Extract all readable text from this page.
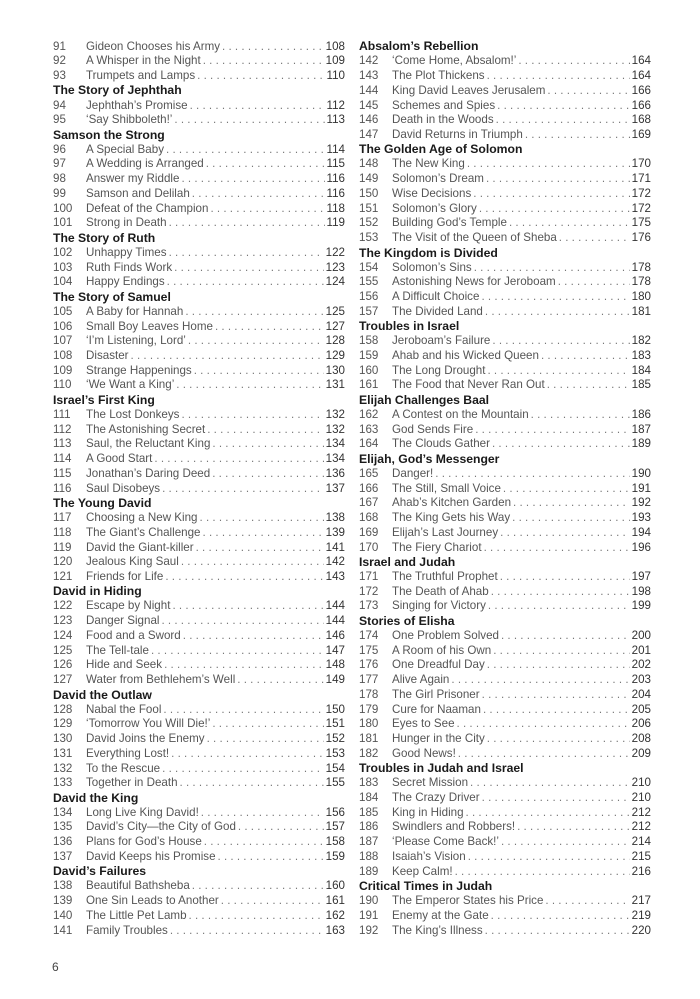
91	Gideon Chooses his Army . . .	108
92	A Whisper in the Night . . .	109
93	Trumpets and Lamps . . .	110
The Story of Jephthah
94	Jephthah’s Promise . . .	112
95	‘Say Shibboleth!’ . . .	113
Samson the Strong
96	A Special Baby . . .	114
97	A Wedding is Arranged . . .	115
98	Answer my Riddle . . .	116
99	Samson and Delilah . . .	116
100	Defeat of the Champion . . .	118
101	Strong in Death . . .	119
The Story of Ruth
102	Unhappy Times . . .	122
103	Ruth Finds Work . . .	123
104	Happy Endings . . .	124
The Story of Samuel
105	A Baby for Hannah . . .	125
106	Small Boy Leaves Home . . .	127
107	‘I’m Listening, Lord’ . . .	128
108	Disaster . . .	129
109	Strange Happenings . . .	130
110	‘We Want a King’ . . .	131
Israel’s First King
111	The Lost Donkeys . . .	132
112	The Astonishing Secret . . .	132
113	Saul, the Reluctant King . . .	134
114	A Good Start . . .	134
115	Jonathan’s Daring Deed . . .	136
116	Saul Disobeys . . .	137
The Young David
117	Choosing a New King . . .	138
118	The Giant’s Challenge . . .	139
119	David the Giant-killer . . .	141
120	Jealous King Saul . . .	142
121	Friends for Life . . .	143
David in Hiding
122	Escape by Night . . .	144
123	Danger Signal . . .	144
124	Food and a Sword . . .	146
125	The Tell-tale . . .	147
126	Hide and Seek . . .	148
127	Water from Bethlehem’s Well . . .	149
David the Outlaw
128	Nabal the Fool . . .	150
129	‘Tomorrow You Will Die!’ . . .	151
130	David Joins the Enemy . . .	152
131	Everything Lost! . . .	153
132	To the Rescue . . .	154
133	Together in Death . . .	155
David the King
134	Long Live King David! . . .	156
135	David’s City—the City of God . . .	157
136	Plans for God’s House . . .	158
137	David Keeps his Promise . . .	159
David’s Failures
138	Beautiful Bathsheba . . .	160
139	One Sin Leads to Another . . .	161
140	The Little Pet Lamb . . .	162
141	Family Troubles . . .	163
Absalom’s Rebellion
142	‘Come Home, Absalom!’ . . .	164
143	The Plot Thickens . . .	164
144	King David Leaves Jerusalem . . .	166
145	Schemes and Spies . . .	166
146	Death in the Woods . . .	168
147	David Returns in Triumph . . .	169
The Golden Age of Solomon
148	The New King . . .	170
149	Solomon’s Dream . . .	171
150	Wise Decisions . . .	172
151	Solomon’s Glory . . .	172
152	Building God’s Temple . . .	175
153	The Visit of the Queen of Sheba . . .	176
The Kingdom is Divided
154	Solomon’s Sins . . .	178
155	Astonishing News for Jeroboam . . .	178
156	A Difficult Choice . . .	180
157	The Divided Land . . .	181
Troubles in Israel
158	Jeroboam’s Failure . . .	182
159	Ahab and his Wicked Queen . . .	183
160	The Long Drought . . .	184
161	The Food that Never Ran Out . . .	185
Elijah Challenges Baal
162	A Contest on the Mountain . . .	186
163	God Sends Fire . . .	187
164	The Clouds Gather . . .	189
Elijah, God’s Messenger
165	Danger! . . .	190
166	The Still, Small Voice . . .	191
167	Ahab’s Kitchen Garden . . .	192
168	The King Gets his Way . . .	193
169	Elijah’s Last Journey . . .	194
170	The Fiery Chariot . . .	196
Israel and Judah
171	The Truthful Prophet . . .	197
172	The Death of Ahab . . .	198
173	Singing for Victory . . .	199
Stories of Elisha
174	One Problem Solved . . .	200
175	A Room of his Own . . .	201
176	One Dreadful Day . . .	202
177	Alive Again . . .	203
178	The Girl Prisoner . . .	204
179	Cure for Naaman . . .	205
180	Eyes to See . . .	206
181	Hunger in the City . . .	208
182	Good News! . . .	209
Troubles in Judah and Israel
183	Secret Mission . . .	210
184	The Crazy Driver . . .	210
185	King in Hiding . . .	212
186	Swindlers and Robbers! . . .	212
187	‘Please Come Back!’ . . .	214
188	Isaiah’s Vision . . .	215
189	Keep Calm! . . .	216
Critical Times in Judah
190	The Emperor States his Price . . .	217
191	Enemy at the Gate . . .	219
192	The King’s Illness . . .	220
6
